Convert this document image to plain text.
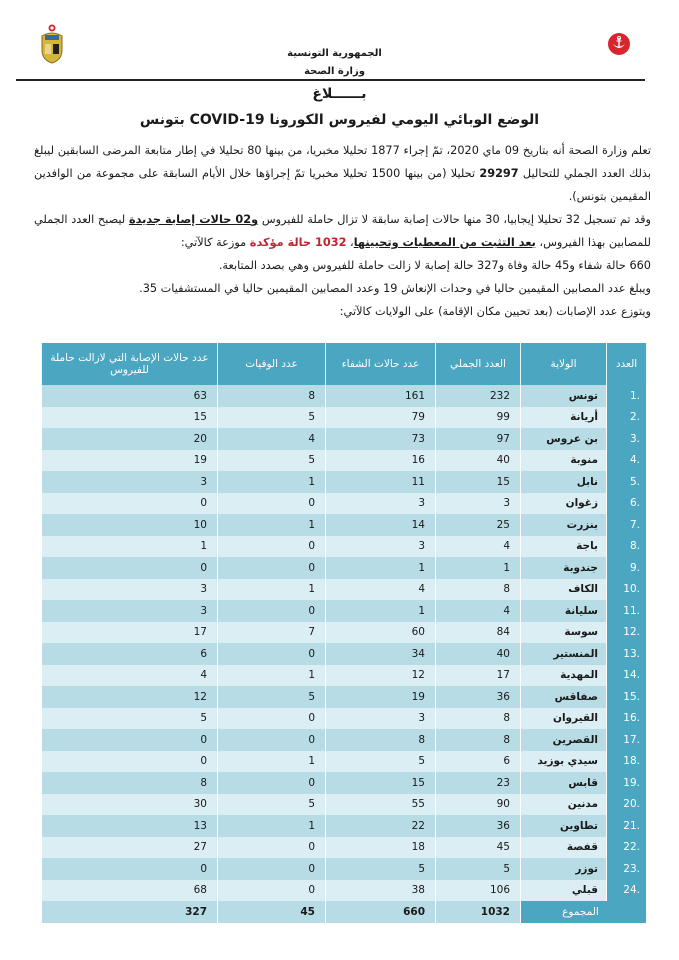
الجمهورية التونسية
وزارة الصحة
بــــــلاغ
الوضع الوبائي اليومي لفيروس الكورونا COVID-19 بتونس

تعلم وزارة الصحة أنه بتاريخ 09 ماي 2020، تمّ إجراء 1877 تحليلا مخبريا، من بينها 80 تحليلا في إطار متابعة المرضى السابقين ليبلغ بذلك العدد الجملي للتحاليل 29297 تحليلا (من بينها 1500 تحليلا مخبريا تمّ إجراؤها خلال الأيام السابقة على مجموعة من الوافدين المقيمين بتونس).

وقد تم تسجيل 32 تحليلا إيجابيا، 30 منها حالات إصابة سابقة لا تزال حاملة للفيروس و02 حالات إصابة جديدة ليصبح العدد الجملي للمصابين بهذا الفيروس، بعد التثبت من المعطيات وتحيينها، 1032 حالة مؤكدة موزعة كالآتي:

660 حالة شفاء و45 حالة وفاة و327 حالة إصابة لا زالت حاملة للفيروس وهي بصدد المتابعة.

ويبلغ عدد المصابين المقيمين حاليا في وحدات الإنعاش 19 وعدد المصابين المقيمين حاليا في المستشفيات 35.

ويتوزع عدد الإصابات (بعد تحيين مكان الإقامة) على الولايات كالآتي:

العدد	الولاية	العدد الجملي	عدد حالات الشفاء	عدد الوفيات	عدد حالات الإصابة التي لازالت حاملة للفيروس
1.	تونس	232	161	8	63

2.	أريانة	99	79	5	15

3.	بن عروس	97	73	4	20

4.	منوبة	40	16	5	19

5.	نابل	15	11	1	3

6.	زغوان	3	3	0	0

7.	بنزرت	25	14	1	10

8.	باجة	4	3	0	1

9.	جندوبة	1	1	0	0

10.	الكاف	8	4	1	3

11.	سليانة	4	1	0	3

12.	سوسة	84	60	7	17

13.	المنستير	40	34	0	6

14.	المهدية	17	12	1	4

15.	صفاقس	36	19	5	12

16.	القيروان	8	3	0	5

17.	القصرين	8	8	0	0

18.	سيدي بوزيد	6	5	1	0

19.	قابس	23	15	0	8

20.	مدنين	90	55	5	30

21.	تطاوين	36	22	1	13

22.	قفصة	45	18	0	27

23.	توزر	5	5	0	0

24.	قبلي	106	38	0	68

المجموع		1032	660	45	327
